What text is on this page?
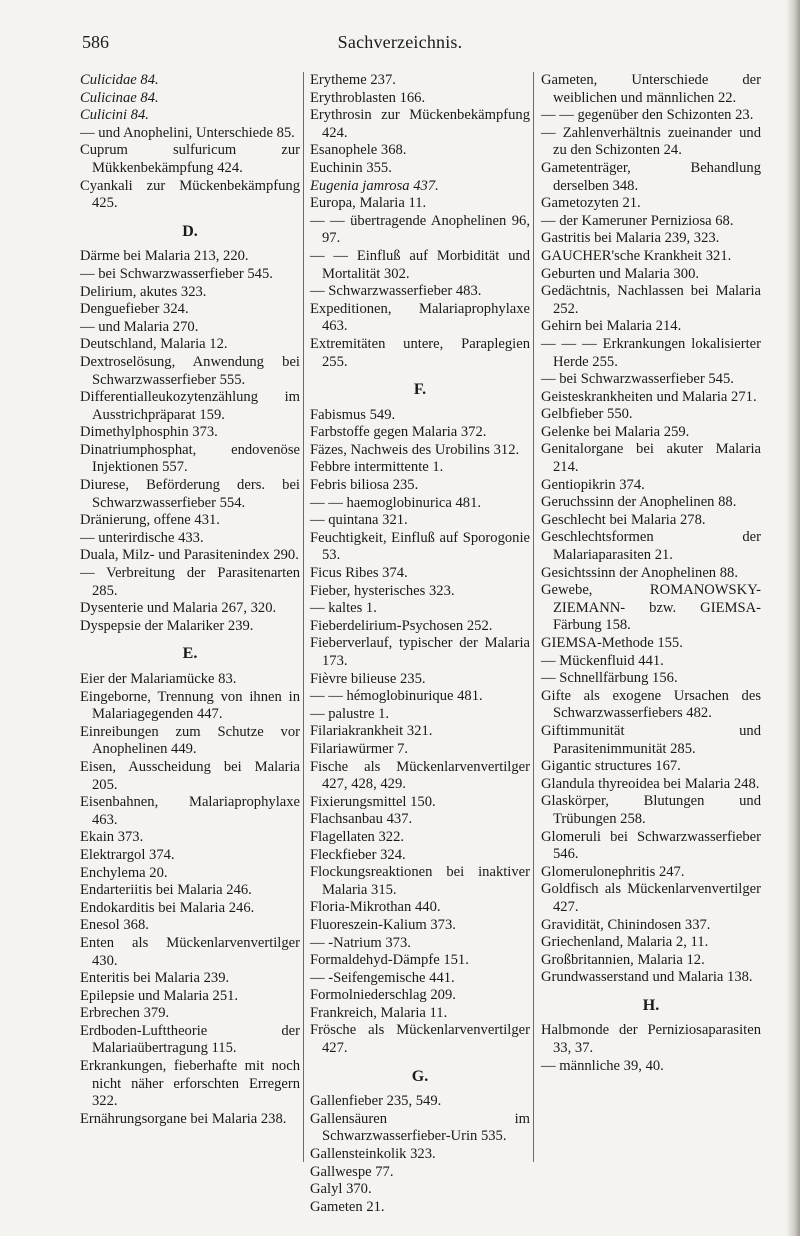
586	Sachverzeichnis.
Culicidae 84.
Culicinae 84.
Culicini 84.
— und Anophelini, Unterschiede 85.
Cuprum sulfuricum zur Mükkenbekämpfung 424.
Cyankali zur Mückenbekämpfung 425.
D.
Därme bei Malaria 213, 220.
— bei Schwarzwasserfieber 545.
Delirium, akutes 323.
Denguefieber 324.
— und Malaria 270.
Deutschland, Malaria 12.
Dextroselösung, Anwendung bei Schwarzwasserfieber 555.
Differentialleukozytenzählung im Ausstrichpräparat 159.
Dimethylphosphin 373.
Dinatriumphosphat, endovenöse Injektionen 557.
Diurese, Beförderung ders. bei Schwarzwasserfieber 554.
Dränierung, offene 431.
— unterirdische 433.
Duala, Milz- und Parasitenindex 290.
— Verbreitung der Parasitenarten 285.
Dysenterie und Malaria 267, 320.
Dyspepsie der Malariker 239.
E.
Eier der Malariamücke 83.
Eingeborne, Trennung von ihnen in Malariagegenden 447.
Einreibungen zum Schutze vor Anophelinen 449.
Eisen, Ausscheidung bei Malaria 205.
Eisenbahnen, Malariaprophylaxe 463.
Ekain 373.
Elektrargol 374.
Enchylema 20.
Endarteriitis bei Malaria 246.
Endokarditis bei Malaria 246.
Enesol 368.
Enten als Mückenlarvenvertilger 430.
Enteritis bei Malaria 239.
Epilepsie und Malaria 251.
Erbrechen 379.
Erdboden-Lufttheorie der Malariaübertragung 115.
Erkrankungen, fieberhafte mit noch nicht näher erforschten Erregern 322.
Ernährungsorgane bei Malaria 238.
Erytheme 237.
Erythroblasten 166.
Erythrosin zur Mückenbekämpfung 424.
Esanophele 368.
Euchinin 355.
Eugenia jamrosa 437.
Europa, Malaria 11.
— — übertragende Anophelinen 96, 97.
— — Einfluß auf Morbidität und Mortalität 302.
— Schwarzwasserfieber 483.
Expeditionen, Malariaprophylaxe 463.
Extremitäten untere, Paraplegien 255.
F.
Fabismus 549.
Farbstoffe gegen Malaria 372.
Fäzes, Nachweis des Urobilins 312.
Febbre intermittente 1.
Febris biliosa 235.
— — haemoglobinurica 481.
— quintana 321.
Feuchtigkeit, Einfluß auf Sporogonie 53.
Ficus Ribes 374.
Fieber, hysterisches 323.
— kaltes 1.
Fieberdelirium-Psychosen 252.
Fieberverlauf, typischer der Malaria 173.
Fièvre bilieuse 235.
— — hémoglobinurique 481.
— palustre 1.
Filariakrankheit 321.
Filariawürmer 7.
Fische als Mückenlarvenvertilger 427, 428, 429.
Fixierungsmittel 150.
Flachsanbau 437.
Flagellaten 322.
Fleckfieber 324.
Flockungsreaktionen bei inaktiver Malaria 315.
Floria-Mikrothan 440.
Fluoreszein-Kalium 373.
— -Natrium 373.
Formaldehyd-Dämpfe 151.
— -Seifengemische 441.
Formolniederschlag 209.
Frankreich, Malaria 11.
Frösche als Mückenlarvenvertilger 427.
G.
Gallenfieber 235, 549.
Gallensäuren im Schwarzwasserfieber-Urin 535.
Gallensteinkolik 323.
Gallwespe 77.
Galyl 370.
Gameten 21.
Gameten, Unterschiede der weiblichen und männlichen 22.
— — gegenüber den Schizonten 23.
— Zahlenverhältnis zueinander und zu den Schizonten 24.
Gametenträger, Behandlung derselben 348.
Gametozyten 21.
— der Kameruner Perniziosa 68.
Gastritis bei Malaria 239, 323.
GAUCHER'sche Krankheit 321.
Geburten und Malaria 300.
Gedächtnis, Nachlassen bei Malaria 252.
Gehirn bei Malaria 214.
— — — Erkrankungen lokalisierter Herde 255.
— bei Schwarzwasserfieber 545.
Geisteskrankheiten und Malaria 271.
Gelbfieber 550.
Gelenke bei Malaria 259.
Genitalorgane bei akuter Malaria 214.
Gentiopikrin 374.
Geruchssinn der Anophelinen 88.
Geschlecht bei Malaria 278.
Geschlechtsformen der Malariaparasiten 21.
Gesichtssinn der Anophelinen 88.
Gewebe, ROMANOWSKY-ZIEMANN- bzw. GIEMSA-Färbung 158.
GIEMSA-Methode 155.
— Mückenfluid 441.
— Schnellfärbung 156.
Gifte als exogene Ursachen des Schwarzwasserfiebers 482.
Giftimmunität und Parasitenimmunität 285.
Gigantic structures 167.
Glandula thyreoidea bei Malaria 248.
Glaskörper, Blutungen und Trübungen 258.
Glomeruli bei Schwarzwasserfieber 546.
Glomerulonephritis 247.
Goldfisch als Mückenlarvenvertilger 427.
Gravidität, Chinindosen 337.
Griechenland, Malaria 2, 11.
Großbritannien, Malaria 12.
Grundwasserstand und Malaria 138.
H.
Halbmonde der Perniziosaparasiten 33, 37.
— männliche 39, 40.
